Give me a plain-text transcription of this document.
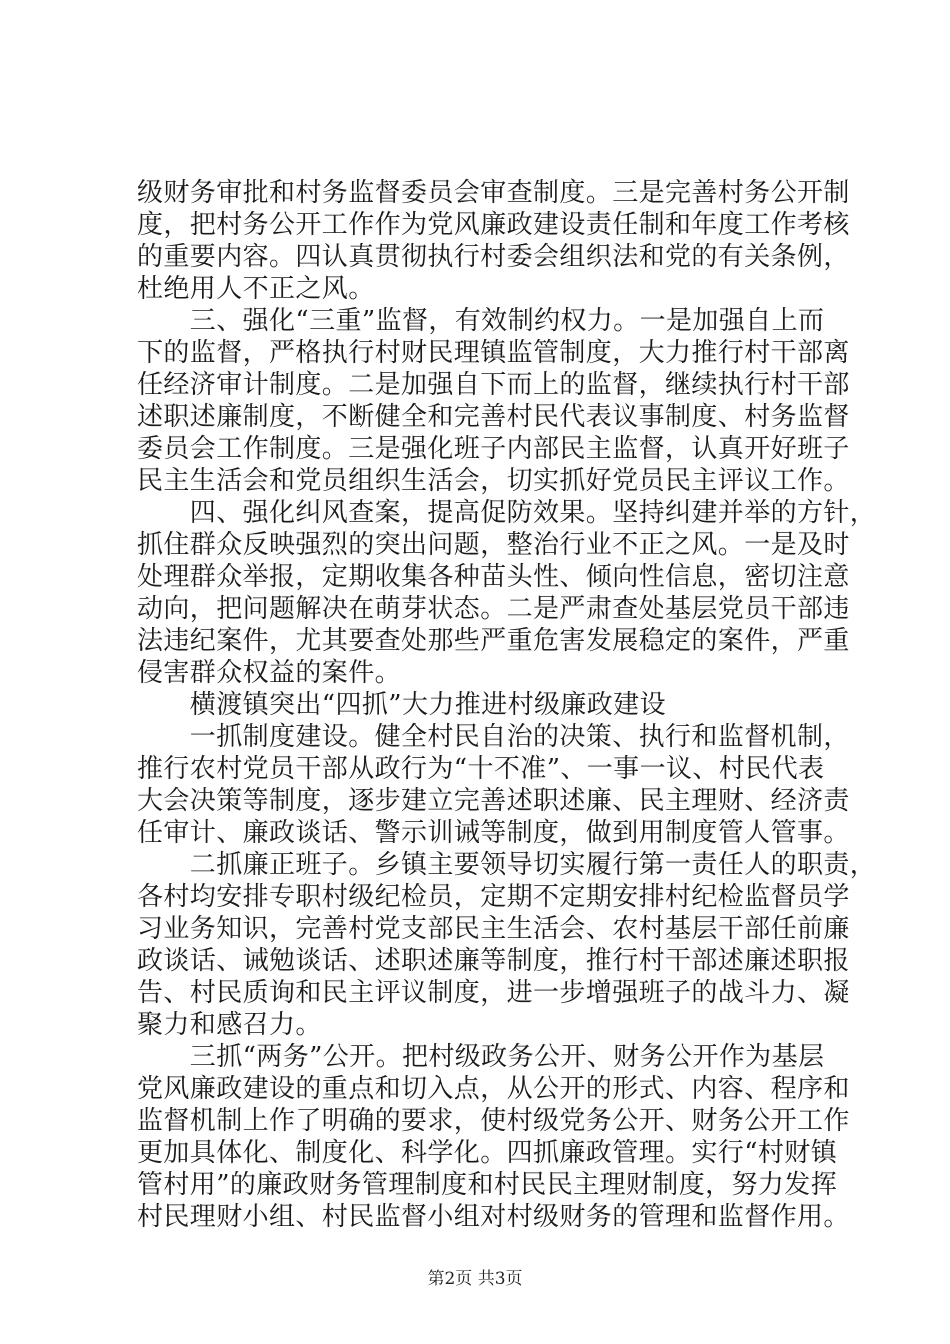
级财务审批和村务监督委员会审查制度。三是完善村务公开制
度，把村务公开工作作为党风廉政建设责任制和年度工作考核
的重要内容。四认真贯彻执行村委会组织法和党的有关条例，
杜绝用人不正之风。
　　三、强化“三重”监督，有效制约权力。一是加强自上而
下的监督，严格执行村财民理镇监管制度，大力推行村干部离
任经济审计制度。二是加强自下而上的监督，继续执行村干部
述职述廉制度，不断健全和完善村民代表议事制度、村务监督
委员会工作制度。三是强化班子内部民主监督，认真开好班子
民主生活会和党员组织生活会，切实抓好党员民主评议工作。
　　四、强化纠风查案，提高促防效果。坚持纠建并举的方针，
抓住群众反映强烈的突出问题，整治行业不正之风。一是及时
处理群众举报，定期收集各种苗头性、倾向性信息，密切注意
动向，把问题解决在萌芽状态。二是严肃查处基层党员干部违
法违纪案件，尤其要查处那些严重危害发展稳定的案件，严重
侵害群众权益的案件。
　　横渡镇突出“四抓”大力推进村级廉政建设
　　一抓制度建设。健全村民自治的决策、执行和监督机制，
推行农村党员干部从政行为“十不准”、一事一议、村民代表
大会决策等制度，逐步建立完善述职述廉、民主理财、经济责
任审计、廉政谈话、警示训诫等制度，做到用制度管人管事。
　　二抓廉正班子。乡镇主要领导切实履行第一责任人的职责，
各村均安排专职村级纪检员，定期不定期安排村纪检监督员学
习业务知识，完善村党支部民主生活会、农村基层干部任前廉
政谈话、诫勉谈话、述职述廉等制度，推行村干部述廉述职报
告、村民质询和民主评议制度，进一步增强班子的战斗力、凝
聚力和感召力。
　　三抓“两务”公开。把村级政务公开、财务公开作为基层
党风廉政建设的重点和切入点，从公开的形式、内容、程序和
监督机制上作了明确的要求，使村级党务公开、财务公开工作
更加具体化、制度化、科学化。四抓廉政管理。实行“村财镇
管村用”的廉政财务管理制度和村民民主理财制度，努力发挥
村民理财小组、村民监督小组对村级财务的管理和监督作用。
第2页 共3页
